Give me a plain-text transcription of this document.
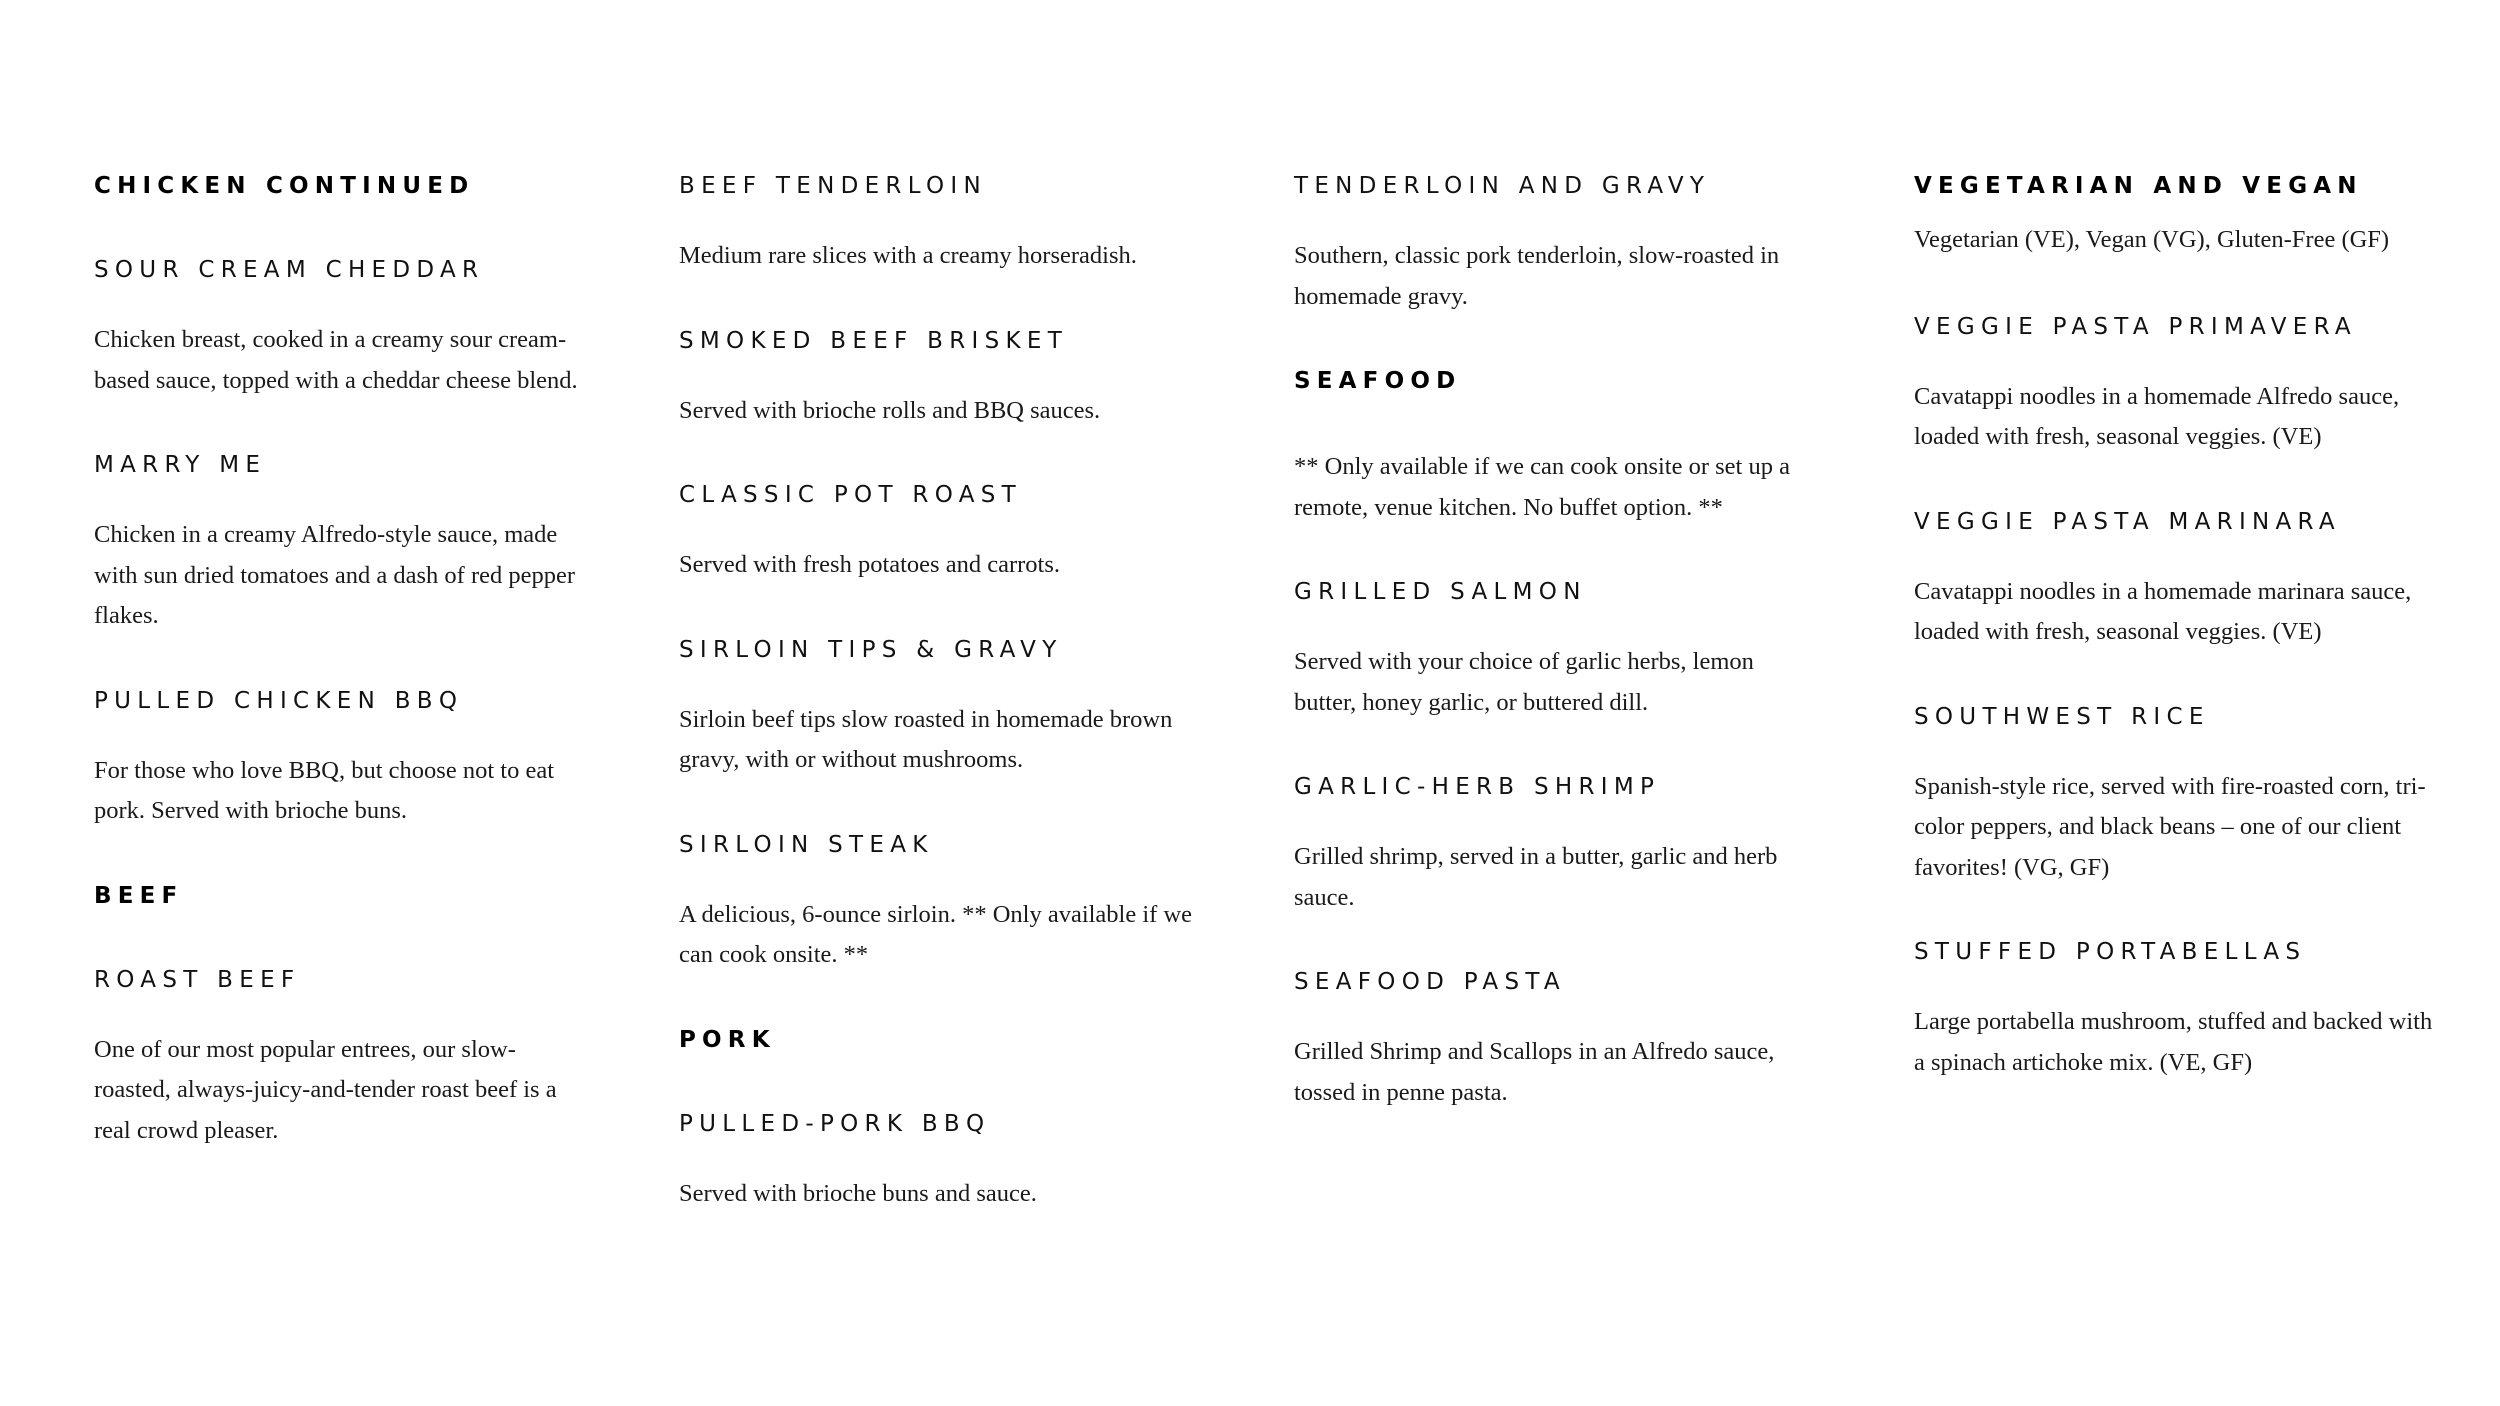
CHICKEN CONTINUED
SOUR CREAM CHEDDAR
Chicken breast, cooked in a creamy sour cream-based sauce, topped with a cheddar cheese blend.
MARRY ME
Chicken in a creamy Alfredo-style sauce, made with sun dried tomatoes and a dash of red pepper flakes.
PULLED CHICKEN BBQ
For those who love BBQ, but choose not to eat pork. Served with brioche buns.
BEEF
ROAST BEEF
One of our most popular entrees, our slow-roasted, always-juicy-and-tender roast beef is a real crowd pleaser.
BEEF TENDERLOIN
Medium rare slices with a creamy horseradish.
SMOKED BEEF BRISKET
Served with brioche rolls and BBQ sauces.
CLASSIC POT ROAST
Served with fresh potatoes and carrots.
SIRLOIN TIPS & GRAVY
Sirloin beef tips slow roasted in homemade brown gravy, with or without mushrooms.
SIRLOIN STEAK
A delicious, 6-ounce sirloin. ** Only available if we can cook onsite. **
PORK
PULLED-PORK BBQ
Served with brioche buns and sauce.
TENDERLOIN AND GRAVY
Southern, classic pork tenderloin, slow-roasted in homemade gravy.
SEAFOOD
** Only available if we can cook onsite or set up a remote, venue kitchen. No buffet option. **
GRILLED SALMON
Served with your choice of garlic herbs, lemon butter, honey garlic, or buttered dill.
GARLIC-HERB SHRIMP
Grilled shrimp, served in a butter, garlic and herb sauce.
SEAFOOD PASTA
Grilled Shrimp and Scallops in an Alfredo sauce, tossed in penne pasta.
VEGETARIAN AND VEGAN
Vegetarian (VE), Vegan (VG), Gluten-Free (GF)
VEGGIE PASTA PRIMAVERA
Cavatappi noodles in a homemade Alfredo sauce, loaded with fresh, seasonal veggies. (VE)
VEGGIE PASTA MARINARA
Cavatappi noodles in a homemade marinara sauce, loaded with fresh, seasonal veggies. (VE)
SOUTHWEST RICE
Spanish-style rice, served with fire-roasted corn, tri-color peppers, and black beans – one of our client favorites! (VG, GF)
STUFFED PORTABELLAS
Large portabella mushroom, stuffed and backed with a spinach artichoke mix. (VE, GF)
